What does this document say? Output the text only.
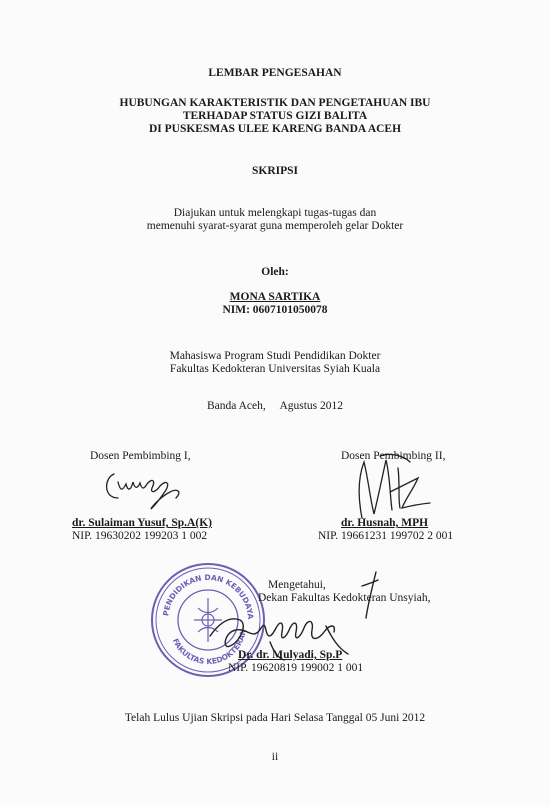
LEMBAR PENGESAHAN
HUBUNGAN KARAKTERISTIK DAN PENGETAHUAN IBU
TERHADAP STATUS GIZI BALITA
DI PUSKESMAS ULEE KARENG BANDA ACEH
SKRIPSI
Diajukan untuk melengkapi tugas-tugas dan
memenuhi syarat-syarat guna memperoleh gelar Dokter
Oleh:
MONA SARTIKA
NIM: 0607101050078
Mahasiswa Program Studi Pendidikan Dokter
Fakultas Kedokteran Universitas Syiah Kuala
Banda Aceh,     Agustus 2012
Dosen Pembimbing I,
dr. Sulaiman Yusuf, Sp.A(K)
NIP. 19630202 199203 1 002
Dosen Pembimbing II,
dr. Husnah, MPH
NIP. 19661231 199702 2 001
PENDIDIKAN DAN KEBUDAYAAN
FAKULTAS KEDOKTERAN
Mengetahui,
Dekan Fakultas Kedokteran Unsyiah,
Dr. dr. Mulyadi, Sp.P
NIP. 19620819 199002 1 001
Telah Lulus Ujian Skripsi pada Hari Selasa Tanggal 05 Juni 2012
ii
